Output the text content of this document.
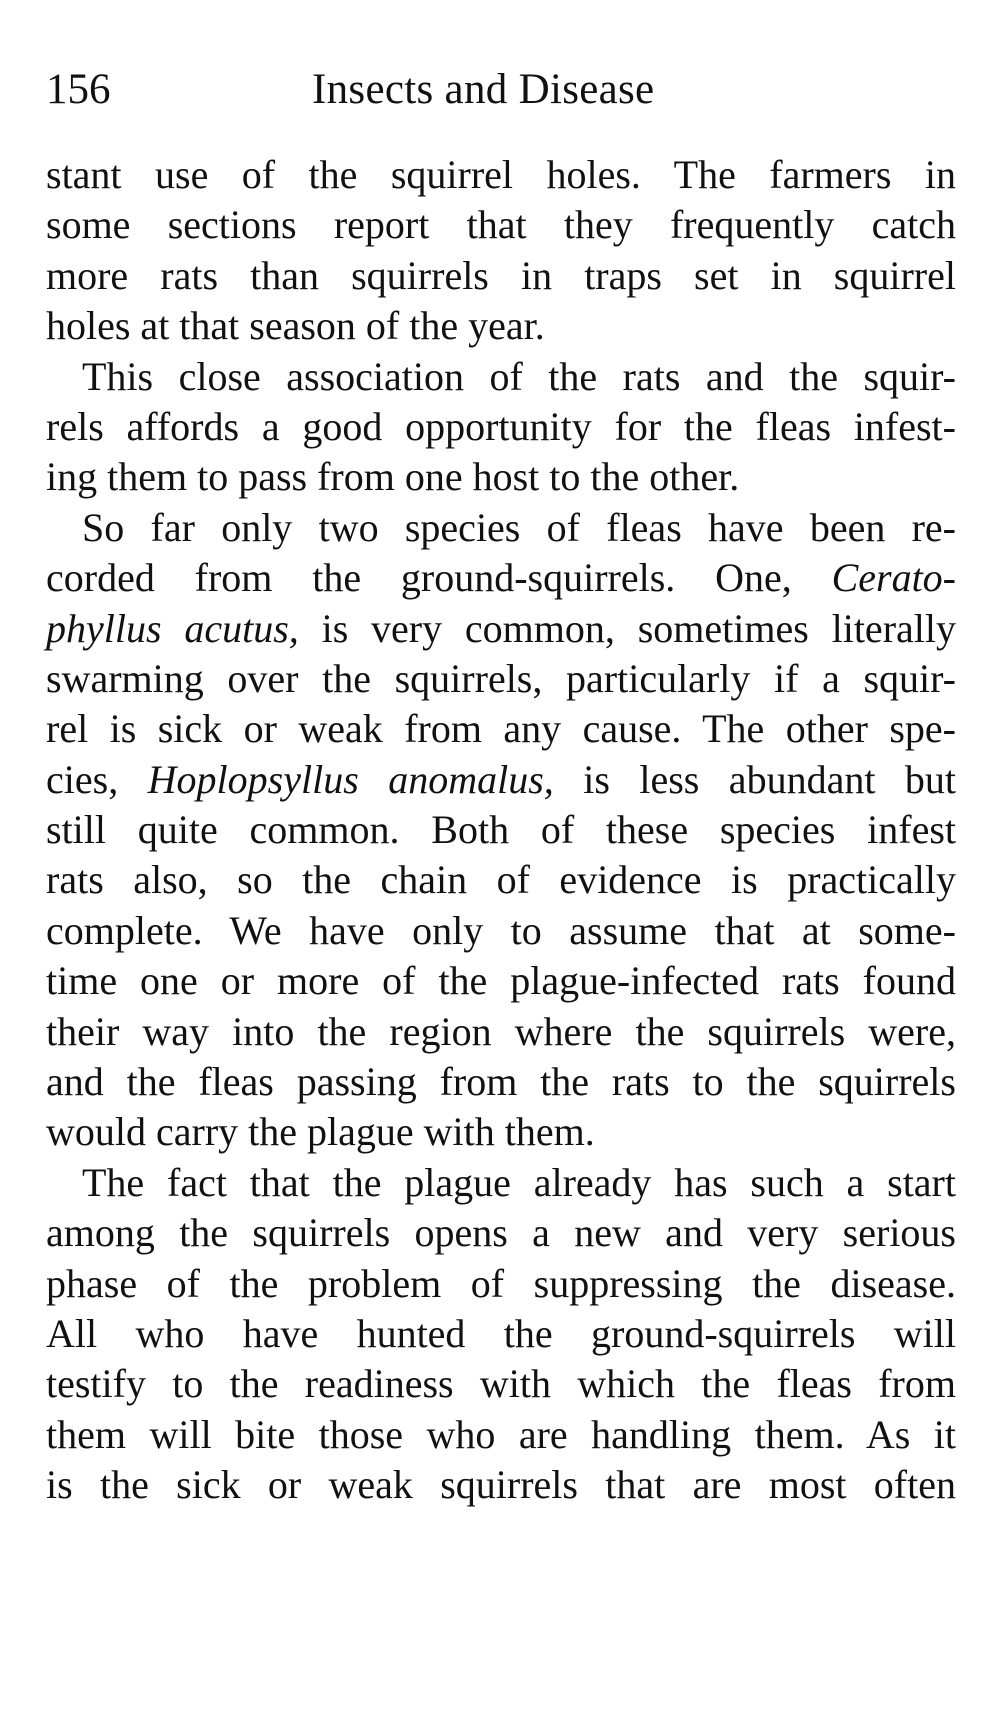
156	Insects and Disease
stant use of the squirrel holes. The farmers in
some sections report that they frequently catch
more rats than squirrels in traps set in squirrel
holes at that season of the year.
This close association of the rats and the squir-
rels affords a good opportunity for the fleas infest-
ing them to pass from one host to the other.
So far only two species of fleas have been re-
corded from the ground-squirrels. One, Cerato-
phyllus acutus, is very common, sometimes literally
swarming over the squirrels, particularly if a squir-
rel is sick or weak from any cause. The other spe-
cies, Hoplopsyllus anomalus, is less abundant but
still quite common. Both of these species infest
rats also, so the chain of evidence is practically
complete. We have only to assume that at some-
time one or more of the plague-infected rats found
their way into the region where the squirrels were,
and the fleas passing from the rats to the squirrels
would carry the plague with them.
The fact that the plague already has such a start
among the squirrels opens a new and very serious
phase of the problem of suppressing the disease.
All who have hunted the ground-squirrels will
testify to the readiness with which the fleas from
them will bite those who are handling them. As it
is the sick or weak squirrels that are most often
